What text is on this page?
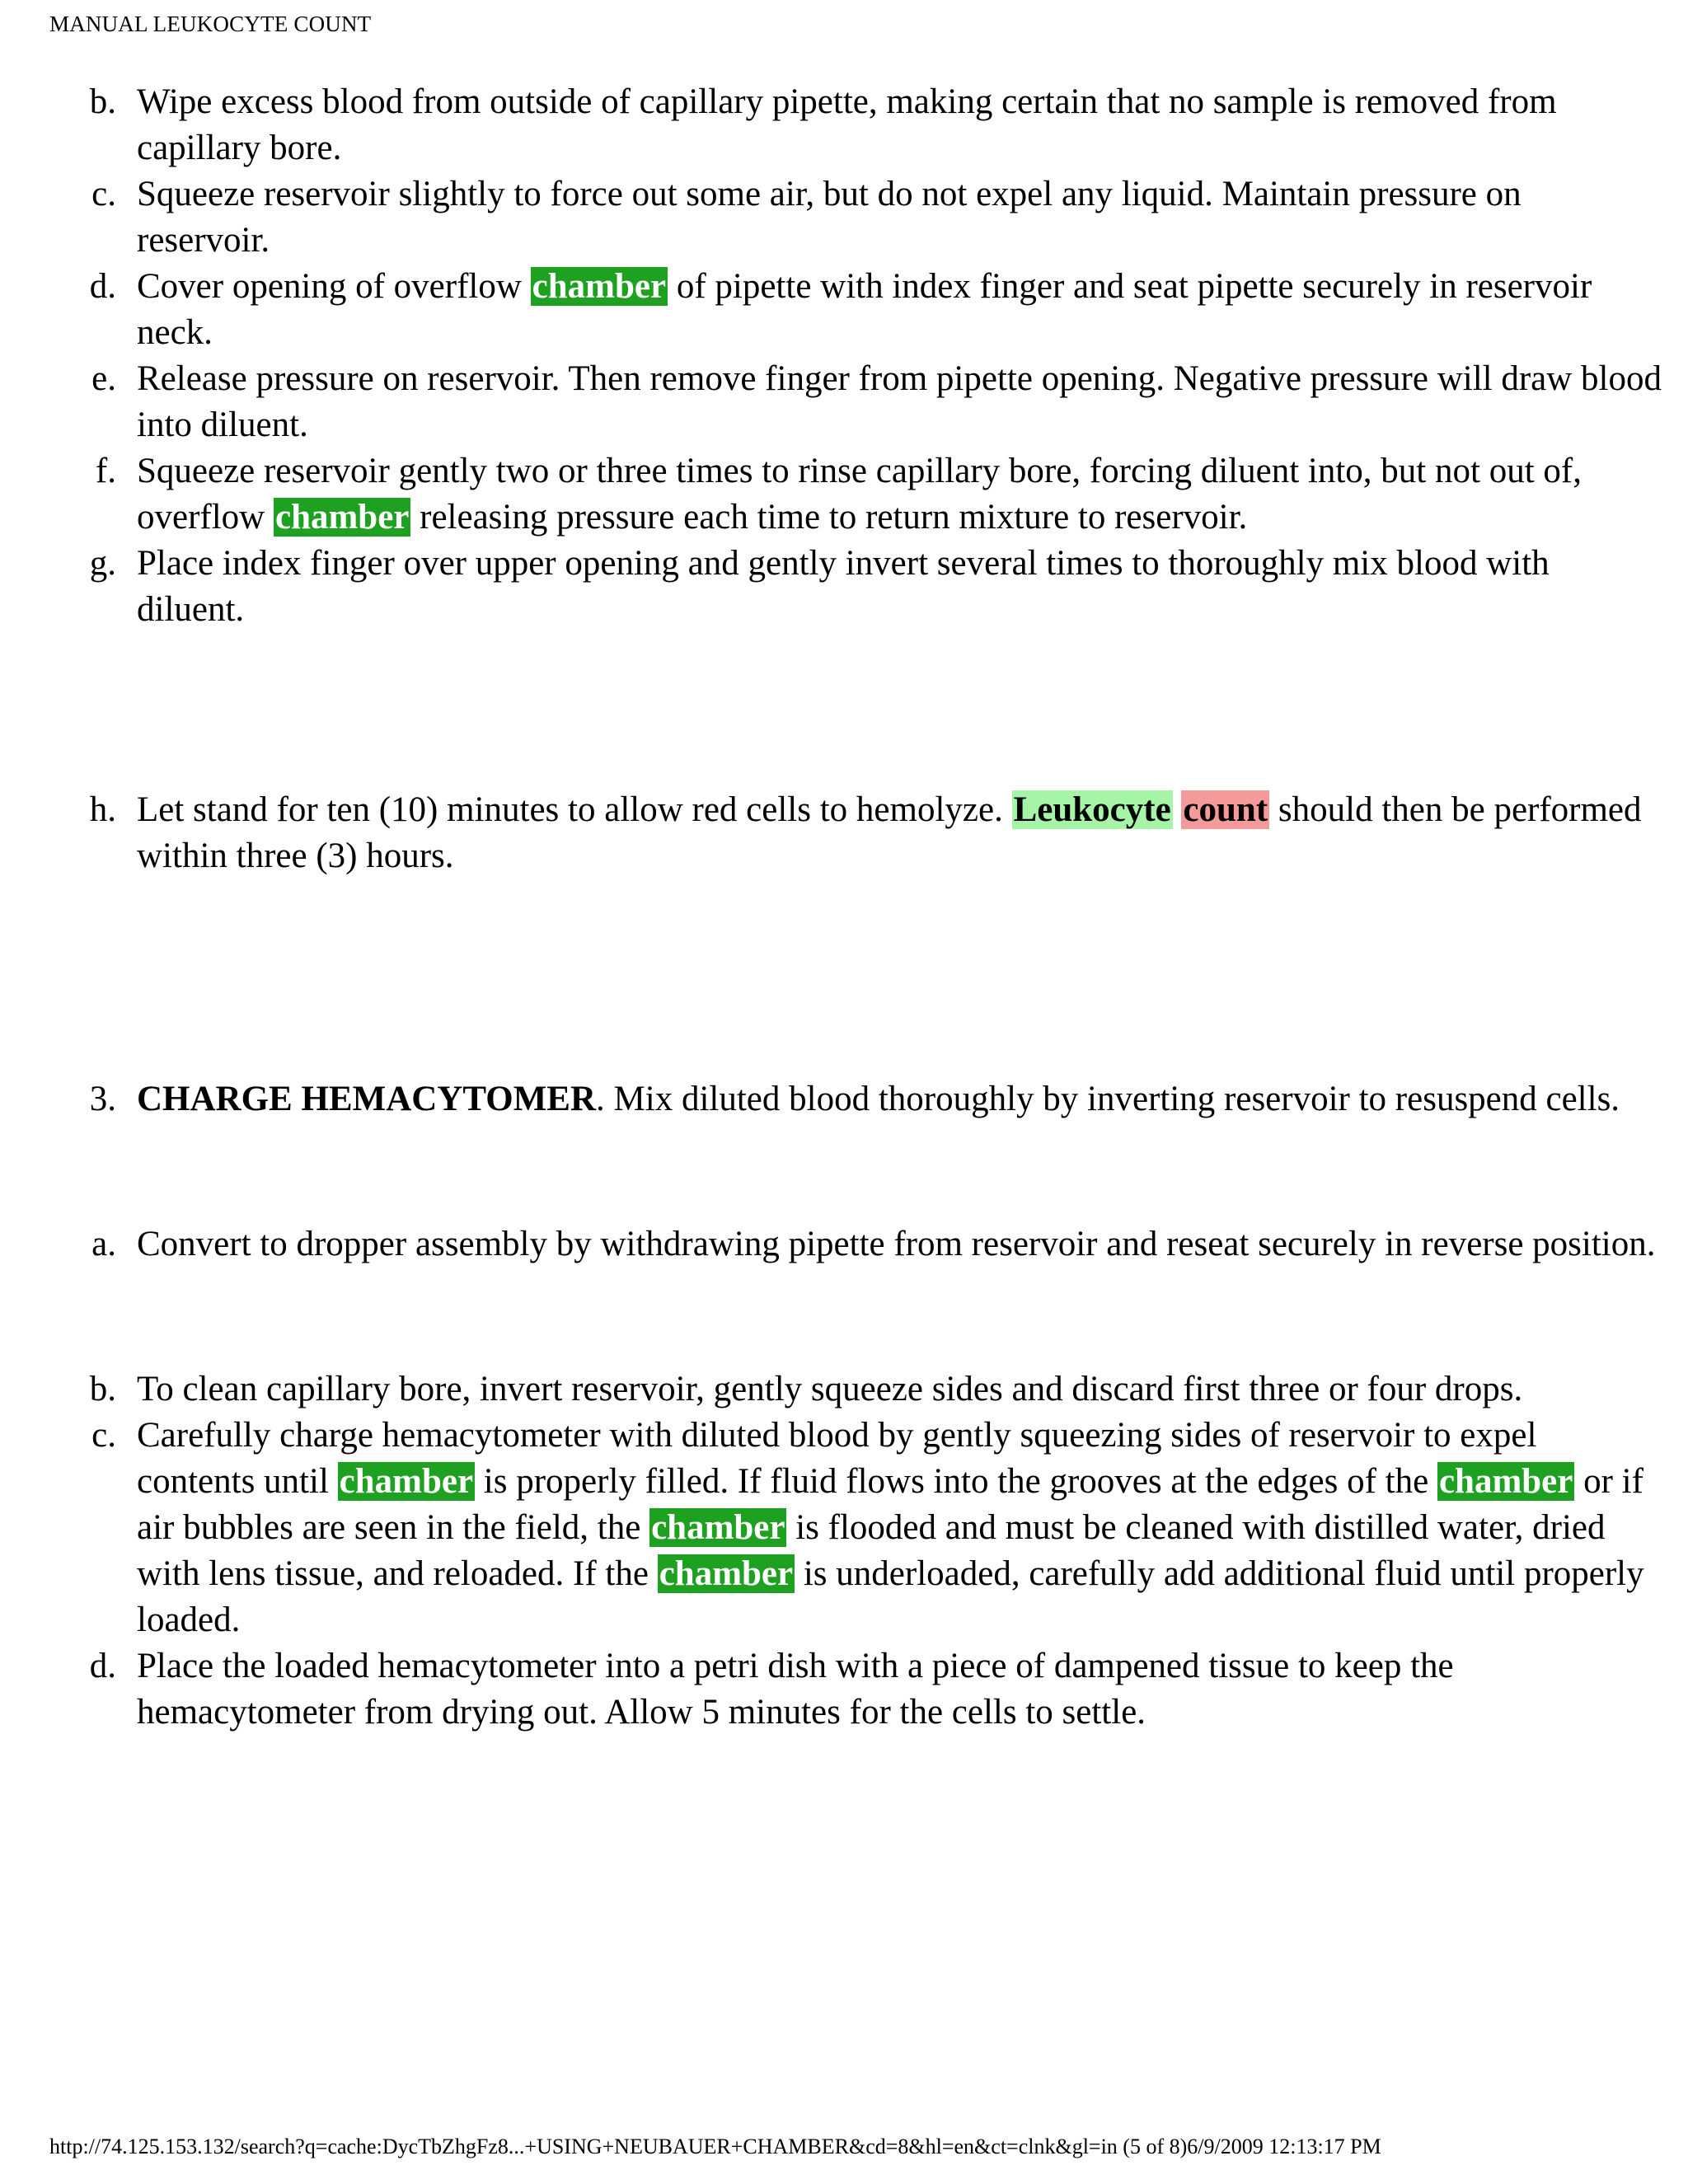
MANUAL LEUKOCYTE COUNT
b. Wipe excess blood from outside of capillary pipette, making certain that no sample is removed from capillary bore.
c. Squeeze reservoir slightly to force out some air, but do not expel any liquid. Maintain pressure on reservoir.
d. Cover opening of overflow chamber of pipette with index finger and seat pipette securely in reservoir neck.
e. Release pressure on reservoir. Then remove finger from pipette opening. Negative pressure will draw blood into diluent.
f. Squeeze reservoir gently two or three times to rinse capillary bore, forcing diluent into, but not out of, overflow chamber releasing pressure each time to return mixture to reservoir.
g. Place index finger over upper opening and gently invert several times to thoroughly mix blood with diluent.
h. Let stand for ten (10) minutes to allow red cells to hemolyze. Leukocyte count should then be performed within three (3) hours.
3. CHARGE HEMACYTOMER. Mix diluted blood thoroughly by inverting reservoir to resuspend cells.
a. Convert to dropper assembly by withdrawing pipette from reservoir and reseat securely in reverse position.
b. To clean capillary bore, invert reservoir, gently squeeze sides and discard first three or four drops.
c. Carefully charge hemacytometer with diluted blood by gently squeezing sides of reservoir to expel contents until chamber is properly filled. If fluid flows into the grooves at the edges of the chamber or if air bubbles are seen in the field, the chamber is flooded and must be cleaned with distilled water, dried with lens tissue, and reloaded. If the chamber is underloaded, carefully add additional fluid until properly loaded.
d. Place the loaded hemacytometer into a petri dish with a piece of dampened tissue to keep the hemacytometer from drying out. Allow 5 minutes for the cells to settle.
http://74.125.153.132/search?q=cache:DycTbZhgFz8...+USING+NEUBAUER+CHAMBER&cd=8&hl=en&ct=clnk&gl=in (5 of 8)6/9/2009 12:13:17 PM
